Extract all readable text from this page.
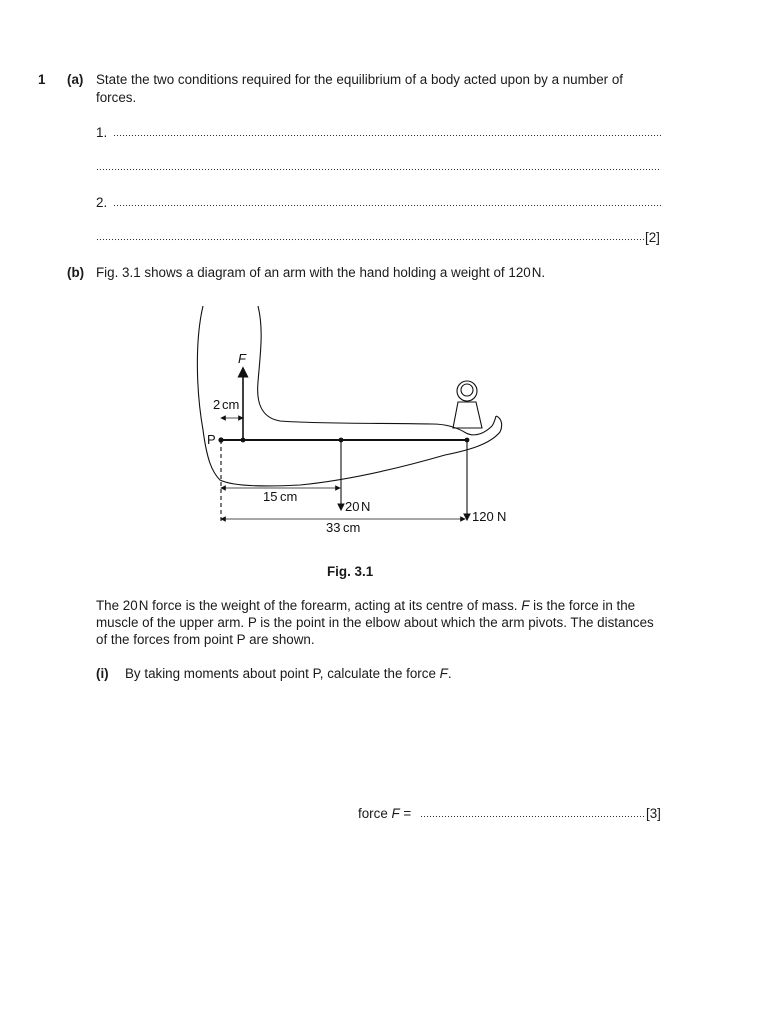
1 (a) State the two conditions required for the equilibrium of a body acted upon by a number of
forces.
1.
2.
[2]
(b) Fig. 3.1 shows a diagram of an arm with the hand holding a weight of 120N.
F
P
2 cm
15 cm
20 N
33 cm
120 N
Fig. 3.1
The 20N force is the weight of the forearm, acting at its centre of mass. F is the force in the
muscle of the upper arm. P is the point in the elbow about which the arm pivots. The distances
of the forces from point P are shown.
(i) By taking moments about point P, calculate the force F.
force F =	[3]
